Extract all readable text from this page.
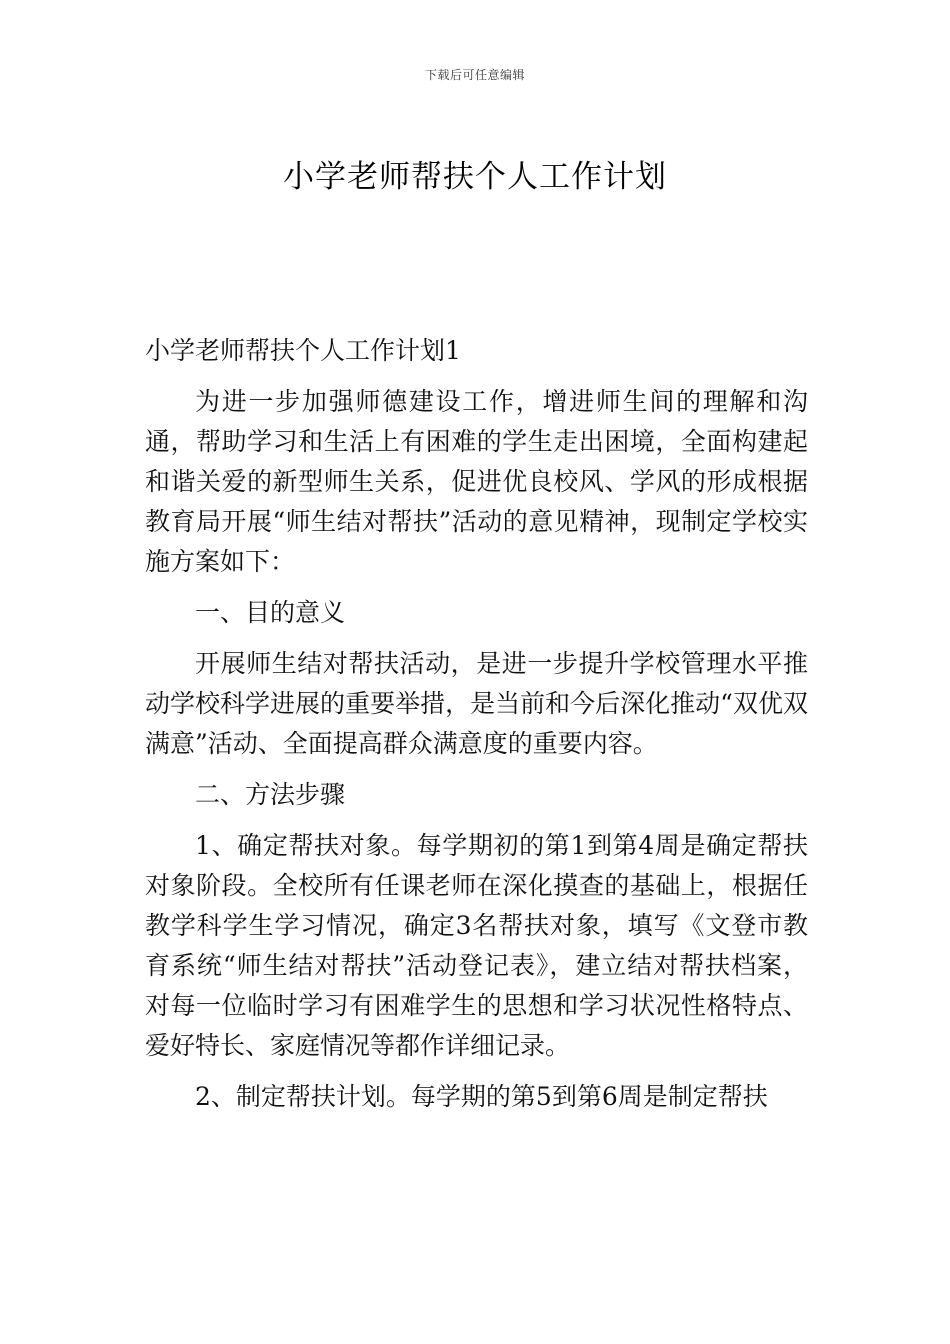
下载后可任意编辑
小学老师帮扶个人工作计划

小学老师帮扶个人工作计划1

为进一步加强师德建设工作，增进师生间的理解和沟通，帮助学习和生活上有困难的学生走出困境，全面构建起和谐关爱的新型师生关系，促进优良校风、学风的形成根据教育局开展“师生结对帮扶”活动的意见精神，现制定学校实施方案如下：

一、目的意义

开展师生结对帮扶活动，是进一步提升学校管理水平推动学校科学进展的重要举措，是当前和今后深化推动“双优双满意”活动、全面提高群众满意度的重要内容。

二、方法步骤

1、确定帮扶对象。每学期初的第1到第4周是确定帮扶对象阶段。全校所有任课老师在深化摸查的基础上，根据任教学科学生学习情况，确定3名帮扶对象，填写《文登市教育系统“师生结对帮扶”活动登记表》，建立结对帮扶档案，对每一位临时学习有困难学生的思想和学习状况性格特点、爱好特长、家庭情况等都作详细记录。

2、制定帮扶计划。每学期的第5到第6周是制定帮扶
